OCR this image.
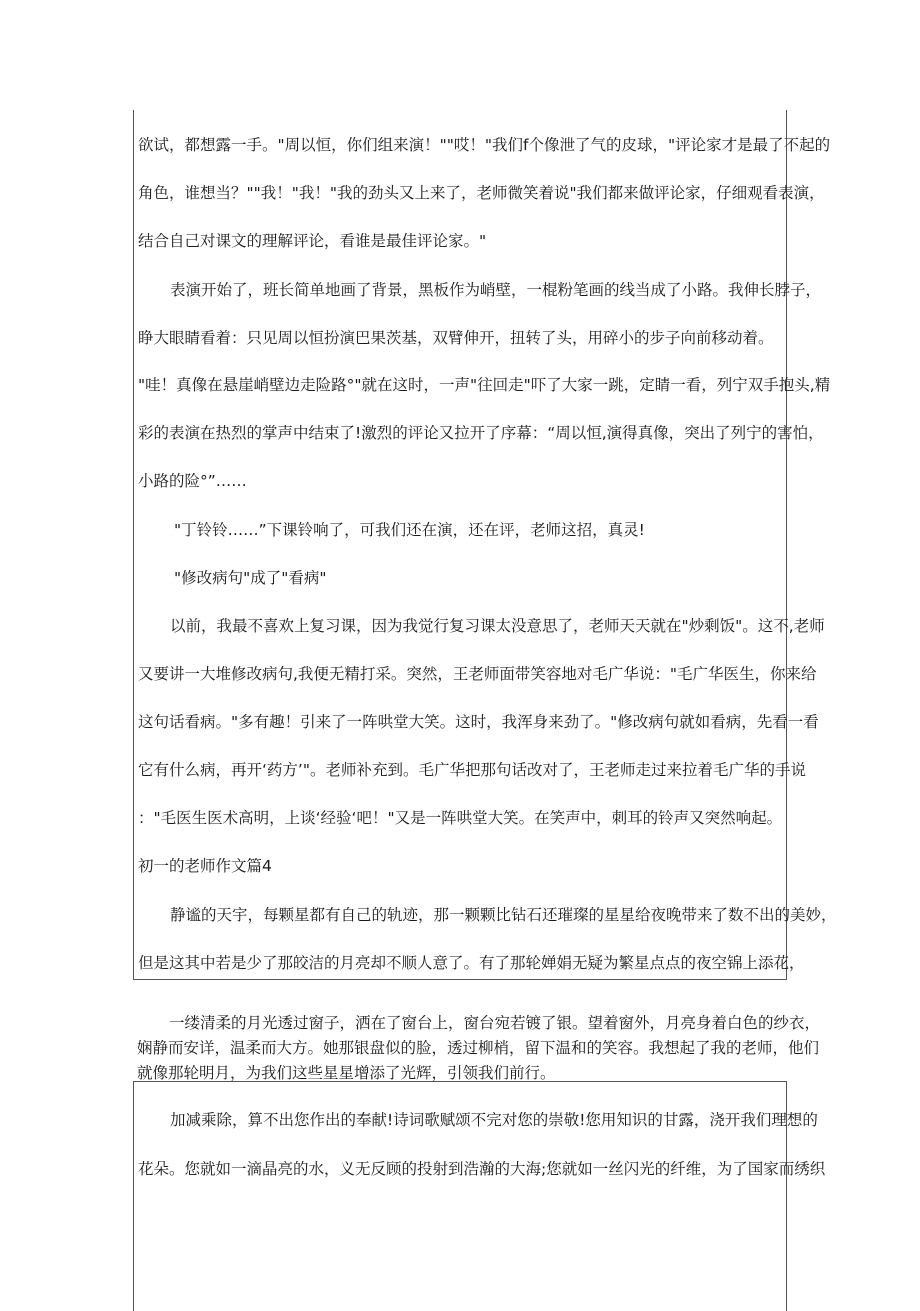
欲试，都想露一手。"周以恒，你们组来演！""哎！"我们f个像泄了气的皮球，"评论家才是最了不起的
角色，谁想当？""我！"我！"我的劲头又上来了，老师微笑着说"我们都来做评论家，仔细观看表演，
结合自己对课文的理解评论，看谁是最佳评论家。"
表演开始了，班长简单地画了背景，黑板作为峭壁，一棍粉笔画的线当成了小路。我伸长脖子，
睁大眼睛看着：只见周以恒扮演巴果茨基，双臂伸开，扭转了头，用碎小的步子向前移动着。
"哇！真像在悬崖峭壁边走险路°"就在这时，一声"往回走"吓了大家一跳，定睛一看，列宁双手抱头,精
彩的表演在热烈的掌声中结束了!激烈的评论又拉开了序幕：“周以恒,演得真像，突出了列宁的害怕，
小路的险°”……
"丁铃铃……”下课铃响了，可我们还在演，还在评，老师这招，真灵!
"修改病句"成了"看病"
以前，我最不喜欢上复习课，因为我觉行复习课太没意思了，老师天天就在"炒剩饭"。这不,老师
又要讲一大堆修改病句,我便无精打采。突然，王老师面带笑容地对毛广华说："毛广华医生，你来给
这句话看病。"多有趣！引来了一阵哄堂大笑。这时，我浑身来劲了。"修改病句就如看病，先看一看
它有什么病，再开‘药方’"。老师补充到。毛广华把那句话改对了，王老师走过来拉着毛广华的手说
："毛医生医术高明，上谈‘经验‘吧！"又是一阵哄堂大笑。在笑声中，刺耳的铃声又突然响起。
初一的老师作文篇4
静谧的天宇，每颗星都有自己的轨迹，那一颗颗比钻石还璀璨的星星给夜晚带来了数不出的美妙，
但是这其中若是少了那皎洁的月亮却不顺人意了。有了那轮婵娟无疑为繁星点点的夜空锦上添花，
一缕清柔的月光透过窗子，洒在了窗台上，窗台宛若镀了银。望着窗外，月亮身着白色的纱衣，
娴静而安详，温柔而大方。她那银盘似的脸，透过柳梢，留下温和的笑容。我想起了我的老师，他们
就像那轮明月，为我们这些星星增添了光辉，引领我们前行。
加减乘除，算不出您作出的奉献!诗词歌赋颂不完对您的崇敬!您用知识的甘露，浇开我们理想的
花朵。您就如一滴晶亮的水，义无反顾的投射到浩瀚的大海;您就如一丝闪光的纤维，为了国家而绣织
